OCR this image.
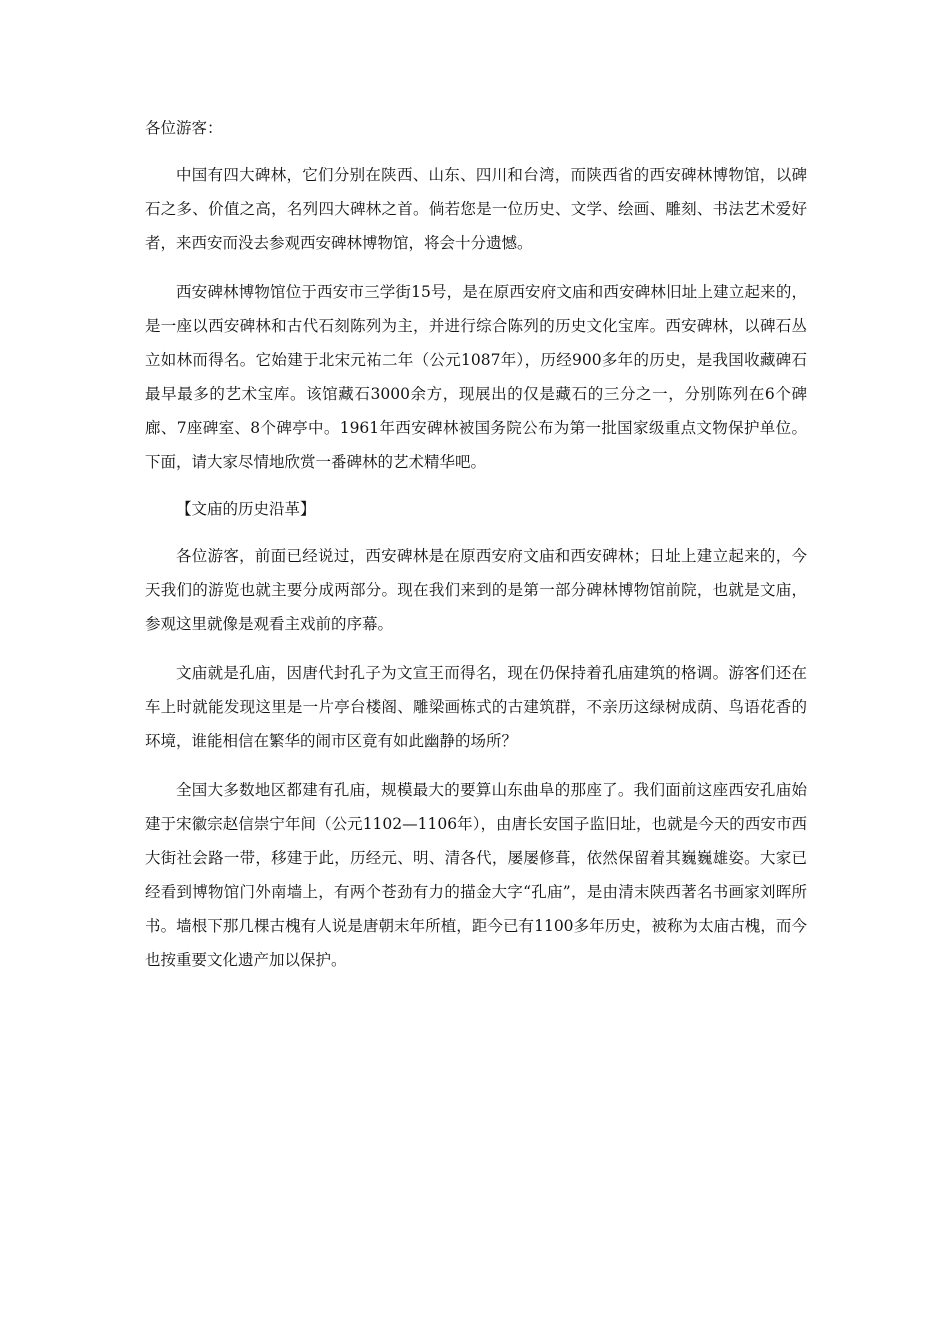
各位游客：

中国有四大碑林，它们分别在陕西、山东、四川和台湾，而陕西省的西安碑林博物馆，以碑石之多、价值之高，名列四大碑林之首。倘若您是一位历史、文学、绘画、雕刻、书法艺术爱好者，来西安而没去参观西安碑林博物馆，将会十分遗憾。

西安碑林博物馆位于西安市三学街15号，是在原西安府文庙和西安碑林旧址上建立起来的，是一座以西安碑林和古代石刻陈列为主，并进行综合陈列的历史文化宝库。西安碑林，以碑石丛立如林而得名。它始建于北宋元祐二年（公元1087年），历经900多年的历史，是我国收藏碑石最早最多的艺术宝库。该馆藏石3000余方，现展出的仅是藏石的三分之一，分别陈列在6个碑廊、7座碑室、8个碑亭中。1961年西安碑林被国务院公布为第一批国家级重点文物保护单位。下面，请大家尽情地欣赏一番碑林的艺术精华吧。

【文庙的历史沿革】

各位游客，前面已经说过，西安碑林是在原西安府文庙和西安碑林；日址上建立起来的，今天我们的游览也就主要分成两部分。现在我们来到的是第一部分碑林博物馆前院，也就是文庙，参观这里就像是观看主戏前的序幕。

文庙就是孔庙，因唐代封孔子为文宣王而得名，现在仍保持着孔庙建筑的格调。游客们还在车上时就能发现这里是一片亭台楼阁、雕梁画栋式的古建筑群，不亲历这绿树成荫、鸟语花香的环境，谁能相信在繁华的闹市区竟有如此幽静的场所？

全国大多数地区都建有孔庙，规模最大的要算山东曲阜的那座了。我们面前这座西安孔庙始建于宋徽宗赵信崇宁年间（公元1102—1106年），由唐长安国子监旧址，也就是今天的西安市西大街社会路一带，移建于此，历经元、明、清各代，屡屡修葺，依然保留着其巍巍雄姿。大家已经看到博物馆门外南墙上，有两个苍劲有力的描金大字“孔庙”，是由清末陕西著名书画家刘晖所书。墙根下那几棵古槐有人说是唐朝末年所植，距今已有1100多年历史，被称为太庙古槐，而今也按重要文化遗产加以保护。
